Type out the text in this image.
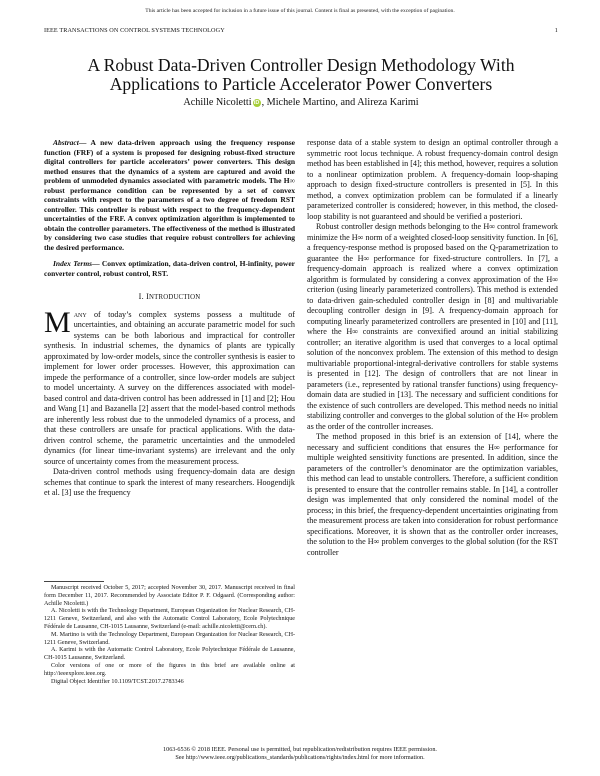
This article has been accepted for inclusion in a future issue of this journal. Content is final as presented, with the exception of pagination.
IEEE TRANSACTIONS ON CONTROL SYSTEMS TECHNOLOGY	1
A Robust Data-Driven Controller Design Methodology With Applications to Particle Accelerator Power Converters
Achille Nicoletti iD , Michele Martino, and Alireza Karimi
Abstract— A new data-driven approach using the frequency response function (FRF) of a system is proposed for designing robust-fixed structure digital controllers for particle accelerators’ power converters. This design method ensures that the dynamics of a system are captured and avoid the problem of unmodeled dynamics associated with parametric models. The H∞ robust performance condition can be represented by a set of convex constraints with respect to the parameters of a two degree of freedom RST controller. This controller is robust with respect to the frequency-dependent uncertainties of the FRF. A convex optimization algorithm is implemented to obtain the controller parameters. The effectiveness of the method is illustrated by considering two case studies that require robust controllers for achieving the desired performance.
Index Terms— Convex optimization, data-driven control, H-infinity, power converter control, robust control, RST.
I. INTRODUCTION

Many of today’s complex systems possess a multitude of uncertainties, and obtaining an accurate parametric model for such systems can be both laborious and impractical for controller synthesis. In industrial schemes, the dynamics of plants are typically approximated by low-order models, since the controller synthesis is easier to implement for lower order processes. However, this approximation can impede the performance of a controller, since low-order models are subject to model uncertainty. A survey on the differences associated with model-based control and data-driven control has been addressed in [1] and [2]; Hou and Wang [1] and Bazanella [2] assert that the model-based control methods are inherently less robust due to the unmodeled dynamics of a process, and that these controllers are unsafe for practical applications. With the data-driven control scheme, the parametric uncertainties and the unmodeled dynamics (for linear time-invariant systems) are irrelevant and the only source of uncertainty comes from the measurement process.

Data-driven control methods using frequency-domain data are design schemes that continue to spark the interest of many researchers. Hoogendijk et al. [3] use the frequency

Manuscript received October 5, 2017; accepted November 30, 2017. Manuscript received in final form December 11, 2017. Recommended by Associate Editor P. F. Odgaard. (Corresponding author: Achille Nicoletti.)

A. Nicoletti is with the Technology Department, European Organization for Nuclear Research, CH-1211 Geneve, Switzerland, and also with the Automatic Control Laboratory, Ecole Polytechnique Fédérale de Lausanne, CH-1015 Lausanne, Switzerland (e-mail: achille.nicoletti@cern.ch).

M. Martino is with the Technology Department, European Organization for Nuclear Research, CH-1211 Geneve, Switzerland.

A. Karimi is with the Automatic Control Laboratory, Ecole Polytechnique Fédérale de Lausanne, CH-1015 Lausanne, Switzerland.

Color versions of one or more of the figures in this brief are available online at http://ieeexplore.ieee.org.

Digital Object Identifier 10.1109/TCST.2017.2783346

response data of a stable system to design an optimal controller through a symmetric root locus technique. A robust frequency-domain control design method has been established in [4]; this method, however, requires a solution to a nonlinear optimization problem. A frequency-domain loop-shaping approach to design fixed-structure controllers is presented in [5]. In this method, a convex optimization problem can be formulated if a linearly parameterized controller is considered; however, in this method, the closed-loop stability is not guaranteed and should be verified a posteriori.

Robust controller design methods belonging to the H∞ control framework minimize the H∞ norm of a weighted closed-loop sensitivity function. In [6], a frequency-response method is proposed based on the Q-parametrization to guarantee the H∞ performance for fixed-structure controllers. In [7], a frequency-domain approach is realized where a convex optimization algorithm is formulated by considering a convex approximation of the H∞ criterion (using linearly parameterized controllers). This method is extended to data-driven gain-scheduled controller design in [8] and multivariable decoupling controller design in [9]. A frequency-domain approach for computing linearly parameterized controllers are presented in [10] and [11], where the H∞ constraints are convexified around an initial stabilizing controller; an iterative algorithm is used that converges to a local optimal solution of the nonconvex problem. The extension of this method to design multivariable proportional-integral-derivative controllers for stable systems is presented in [12]. The design of controllers that are not linear in parameters (i.e., represented by rational transfer functions) using frequency-domain data are studied in [13]. The necessary and sufficient conditions for the existence of such controllers are developed. This method needs no initial stabilizing controller and converges to the global solution of the H∞ problem as the order of the controller increases.

The method proposed in this brief is an extension of [14], where the necessary and sufficient conditions that ensures the H∞ performance for multiple weighted sensitivity functions are presented. In addition, since the parameters of the controller’s denominator are the optimization variables, this method can lead to unstable controllers. Therefore, a sufficient condition is presented to ensure that the controller remains stable. In [14], a controller design was implemented that only considered the nominal model of the process; in this brief, the frequency-dependent uncertainties originating from the measurement process are taken into consideration for robust performance specifications. Moreover, it is shown that as the controller order increases, the solution to the H∞ problem converges to the global solution (for the RST controller

1063-6536 © 2018 IEEE. Personal use is permitted, but republication/redistribution requires IEEE permission.
See http://www.ieee.org/publications_standards/publications/rights/index.html for more information.
